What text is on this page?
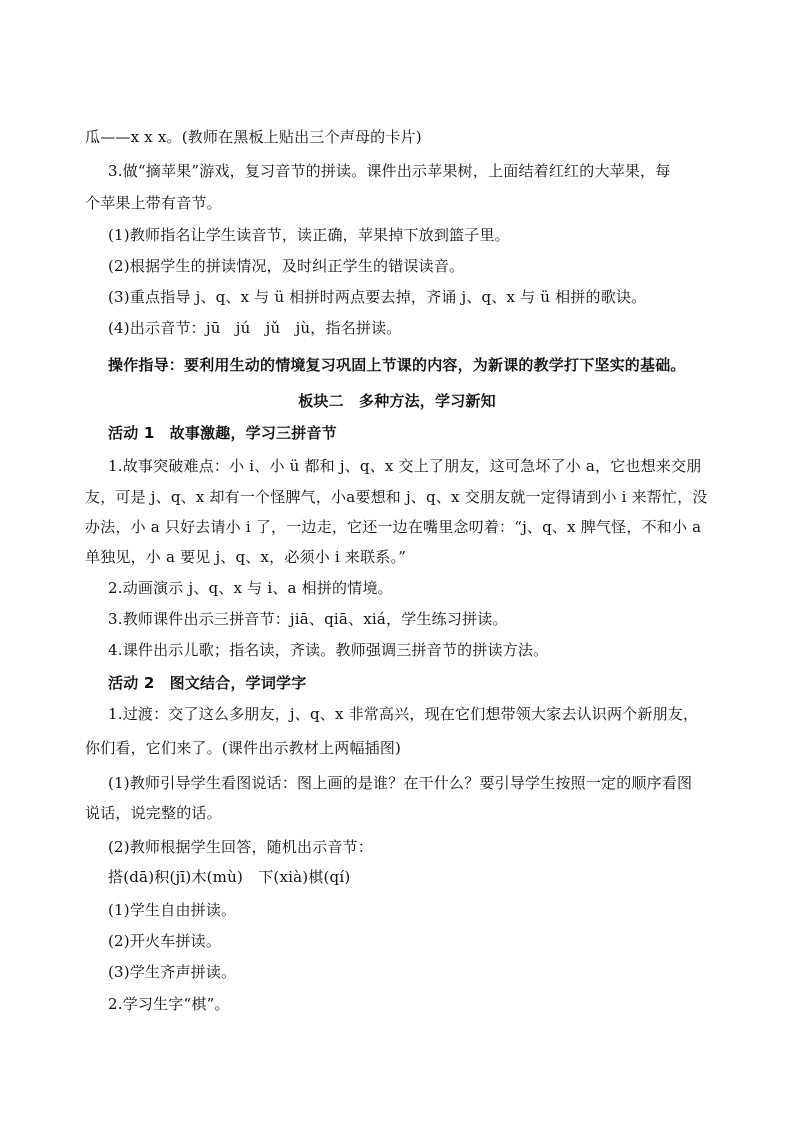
瓜——x x x。(教师在黑板上贴出三个声母的卡片)
3.做“摘苹果”游戏，复习音节的拼读。课件出示苹果树，上面结着红红的大苹果，每
个苹果上带有音节。
(1)教师指名让学生读音节，读正确，苹果掉下放到篮子里。
(2)根据学生的拼读情况，及时纠正学生的错误读音。
(3)重点指导 j、q、x 与 ü 相拼时两点要去掉，齐诵 j、q、x 与 ü 相拼的歌诀。
(4)出示音节：jū　jú　jǔ　jù，指名拼读。
操作指导：要利用生动的情境复习巩固上节课的内容，为新课的教学打下坚实的基础。
板块二　多种方法，学习新知
活动 1　故事激趣，学习三拼音节
1.故事突破难点：小 i、小 ü 都和 j、q、x 交上了朋友，这可急坏了小 a，它也想来交朋
友，可是 j、q、x 却有一个怪脾气，小a要想和 j、q、x 交朋友就一定得请到小 i 来帮忙，没
办法，小 a 只好去请小 i 了，一边走，它还一边在嘴里念叨着：“j、q、x 脾气怪，不和小 a
单独见，小 a 要见 j、q、x，必须小 i 来联系。”
2.动画演示 j、q、x 与 i、a 相拼的情境。
3.教师课件出示三拼音节：jiā、qiā、xiá，学生练习拼读。
4.课件出示儿歌；指名读，齐读。教师强调三拼音节的拼读方法。
活动 2　图文结合，学词学字
1.过渡：交了这么多朋友，j、q、x 非常高兴，现在它们想带领大家去认识两个新朋友，
你们看，它们来了。(课件出示教材上两幅插图)
(1)教师引导学生看图说话：图上画的是谁？在干什么？要引导学生按照一定的顺序看图
说话，说完整的话。
(2)教师根据学生回答，随机出示音节：
搭(dā)积(jī)木(mù)　下(xià)棋(qí)
(1)学生自由拼读。
(2)开火车拼读。
(3)学生齐声拼读。
2.学习生字“棋”。
